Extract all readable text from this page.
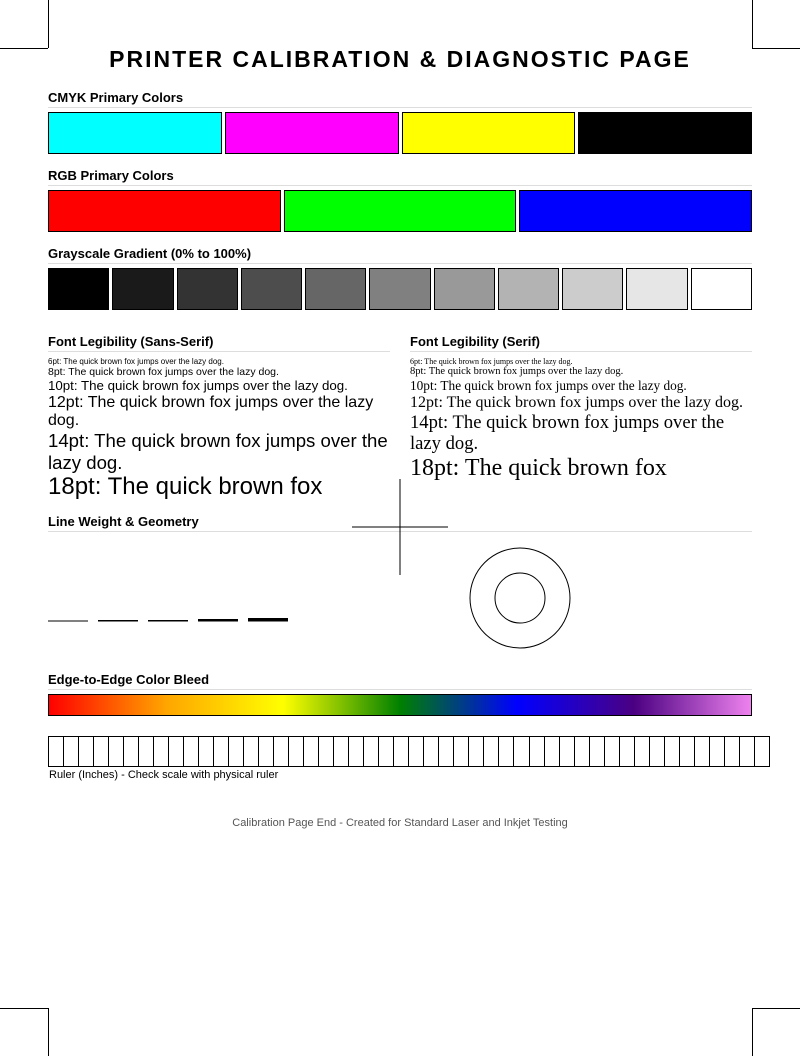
PRINTER CALIBRATION & DIAGNOSTIC PAGE
CMYK Primary Colors
RGB Primary Colors
Grayscale Gradient (0% to 100%)
Font Legibility (Sans-Serif)
6pt: The quick brown fox jumps over the lazy dog.
8pt: The quick brown fox jumps over the lazy dog.
10pt: The quick brown fox jumps over the lazy dog.
12pt: The quick brown fox jumps over the lazy dog.
14pt: The quick brown fox jumps over the lazy dog.
18pt: The quick brown fox
Font Legibility (Serif)
6pt: The quick brown fox jumps over the lazy dog.
8pt: The quick brown fox jumps over the lazy dog.
10pt: The quick brown fox jumps over the lazy dog.
12pt: The quick brown fox jumps over the lazy dog.
14pt: The quick brown fox jumps over the lazy dog.
18pt: The quick brown fox
Line Weight & Geometry
Edge-to-Edge Color Bleed
Ruler (Inches) - Check scale with physical ruler
Calibration Page End - Created for Standard Laser and Inkjet Testing
